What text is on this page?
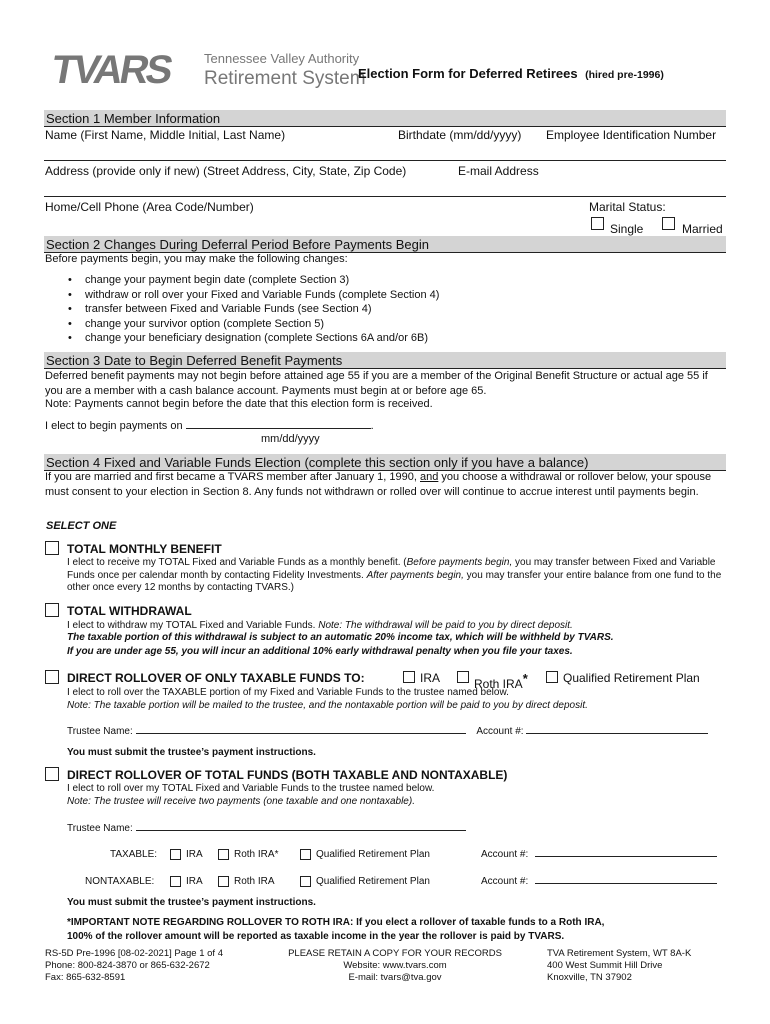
TVARS Tennessee Valley Authority
Retirement System
Election Form for Deferred Retirees (hired pre-1996)
Section 1 Member Information
Name (First Name, Middle Initial, Last Name)	Birthdate (mm/dd/yyyy) Employee Identification Number
Address (provide only if new) (Street Address, City, State, Zip Code)	E-mail Address
Home/Cell Phone (Area Code/Number)	Marital Status:
Single	Married
Section 2 Changes During Deferral Period Before Payments Begin
Before payments begin, you may make the following changes:
• change your payment begin date (complete Section 3)
• withdraw or roll over your Fixed and Variable Funds (complete Section 4)
• transfer between Fixed and Variable Funds (see Section 4)
• change your survivor option (complete Section 5)
• change your beneficiary designation (complete Sections 6A and/or 6B)
Section 3 Date to Begin Deferred Benefit Payments
Deferred benefit payments may not begin before attained age 55 if you are a member of the Original Benefit Structure or actual age 55 if you are a member with a cash balance account. Payments must begin at or before age 65.
Note: Payments cannot begin before the date that this election form is received.
I elect to begin payments on	.
mm/dd/yyyy
Section 4 Fixed and Variable Funds Election (complete this section only if you have a balance)
If you are married and first became a TVARS member after January 1, 1990, and you choose a withdrawal or rollover below, your spouse must consent to your election in Section 8. Any funds not withdrawn or rolled over will continue to accrue interest until payments begin.
SELECT ONE
TOTAL MONTHLY BENEFIT
I elect to receive my TOTAL Fixed and Variable Funds as a monthly benefit. (Before payments begin, you may transfer between Fixed and Variable Funds once per calendar month by contacting Fidelity Investments. After payments begin, you may transfer your entire balance from one fund to the other once every 12 months by contacting TVARS.)
TOTAL WITHDRAWAL
I elect to withdraw my TOTAL Fixed and Variable Funds. Note: The withdrawal will be paid to you by direct deposit.
The taxable portion of this withdrawal is subject to an automatic 20% income tax, which will be withheld by TVARS.
If you are under age 55, you will incur an additional 10% early withdrawal penalty when you file your taxes.
DIRECT ROLLOVER OF ONLY TAXABLE FUNDS TO:	IRA	Roth IRA*	Qualified Retirement Plan
I elect to roll over the TAXABLE portion of my Fixed and Variable Funds to the trustee named below.
Note: The taxable portion will be mailed to the trustee, and the nontaxable portion will be paid to you by direct deposit.
Trustee Name:	Account #:
You must submit the trustee’s payment instructions.
DIRECT ROLLOVER OF TOTAL FUNDS (BOTH TAXABLE AND NONTAXABLE)
I elect to roll over my TOTAL Fixed and Variable Funds to the trustee named below.
Note: The trustee will receive two payments (one taxable and one nontaxable).
Trustee Name:
TAXABLE:	IRA	Roth IRA*	Qualified Retirement Plan	Account #:
NONTAXABLE:	IRA	Roth IRA	Qualified Retirement Plan	Account #:
You must submit the trustee’s payment instructions.
*IMPORTANT NOTE REGARDING ROLLOVER TO ROTH IRA: If you elect a rollover of taxable funds to a Roth IRA,
100% of the rollover amount will be reported as taxable income in the year the rollover is paid by TVARS.
RS-5D Pre-1996 [08-02-2021] Page 1 of 4
Phone: 800-824-3870 or 865-632-2672
Fax: 865-632-8591
PLEASE RETAIN A COPY FOR YOUR RECORDS
Website: www.tvars.com
E-mail: tvars@tva.gov
TVA Retirement System, WT 8A-K
400 West Summit Hill Drive
Knoxville, TN 37902
